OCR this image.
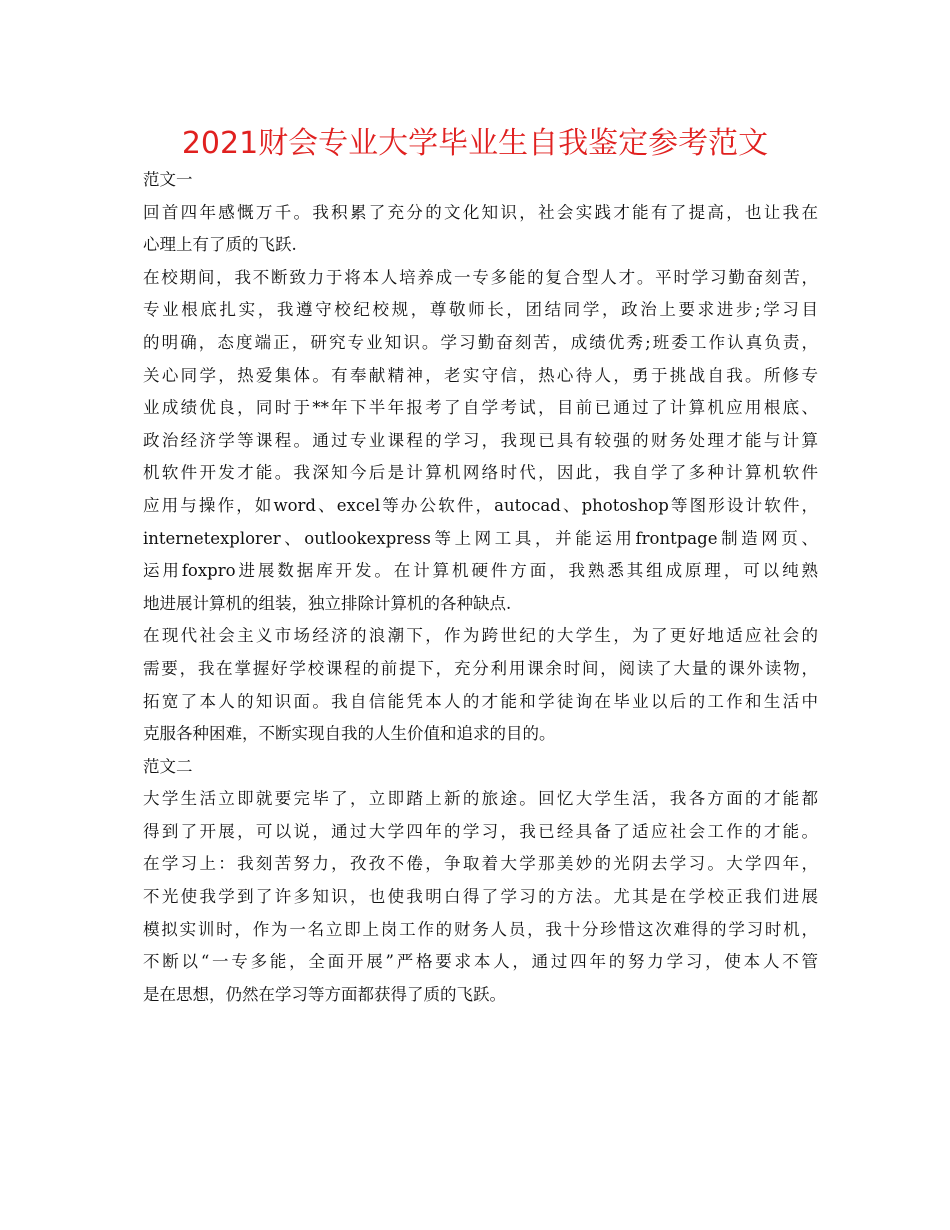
2021财会专业大学毕业生自我鉴定参考范文
范文一
回首四年感慨万千。我积累了充分的文化知识，社会实践才能有了提高，也让我在
心理上有了质的飞跃.
在校期间，我不断致力于将本人培养成一专多能的复合型人才。平时学习勤奋刻苦，
专业根底扎实，我遵守校纪校规，尊敬师长，团结同学，政治上要求进步;学习目
的明确，态度端正，研究专业知识。学习勤奋刻苦，成绩优秀;班委工作认真负责，
关心同学，热爱集体。有奉献精神，老实守信，热心待人，勇于挑战自我。所修专
业成绩优良，同时于**年下半年报考了自学考试，目前已通过了计算机应用根底、
政治经济学等课程。通过专业课程的学习，我现已具有较强的财务处理才能与计算
机软件开发才能。我深知今后是计算机网络时代，因此，我自学了多种计算机软件
应用与操作，如word、excel等办公软件，autocad、photoshop等图形设计软件，
internetexplorer、outlookexpress等上网工具，并能运用frontpage制造网页、
运用foxpro进展数据库开发。在计算机硬件方面，我熟悉其组成原理，可以纯熟
地进展计算机的组装，独立排除计算机的各种缺点.
在现代社会主义市场经济的浪潮下，作为跨世纪的大学生，为了更好地适应社会的
需要，我在掌握好学校课程的前提下，充分利用课余时间，阅读了大量的课外读物，
拓宽了本人的知识面。我自信能凭本人的才能和学徒询在毕业以后的工作和生活中
克服各种困难，不断实现自我的人生价值和追求的目的。
范文二
大学生活立即就要完毕了，立即踏上新的旅途。回忆大学生活，我各方面的才能都
得到了开展，可以说，通过大学四年的学习，我已经具备了适应社会工作的才能。
在学习上：我刻苦努力，孜孜不倦，争取着大学那美妙的光阴去学习。大学四年，
不光使我学到了许多知识，也使我明白得了学习的方法。尤其是在学校正我们进展
模拟实训时，作为一名立即上岗工作的财务人员，我十分珍惜这次难得的学习时机，
不断以“一专多能，全面开展”严格要求本人，通过四年的努力学习，使本人不管
是在思想，仍然在学习等方面都获得了质的飞跃。
